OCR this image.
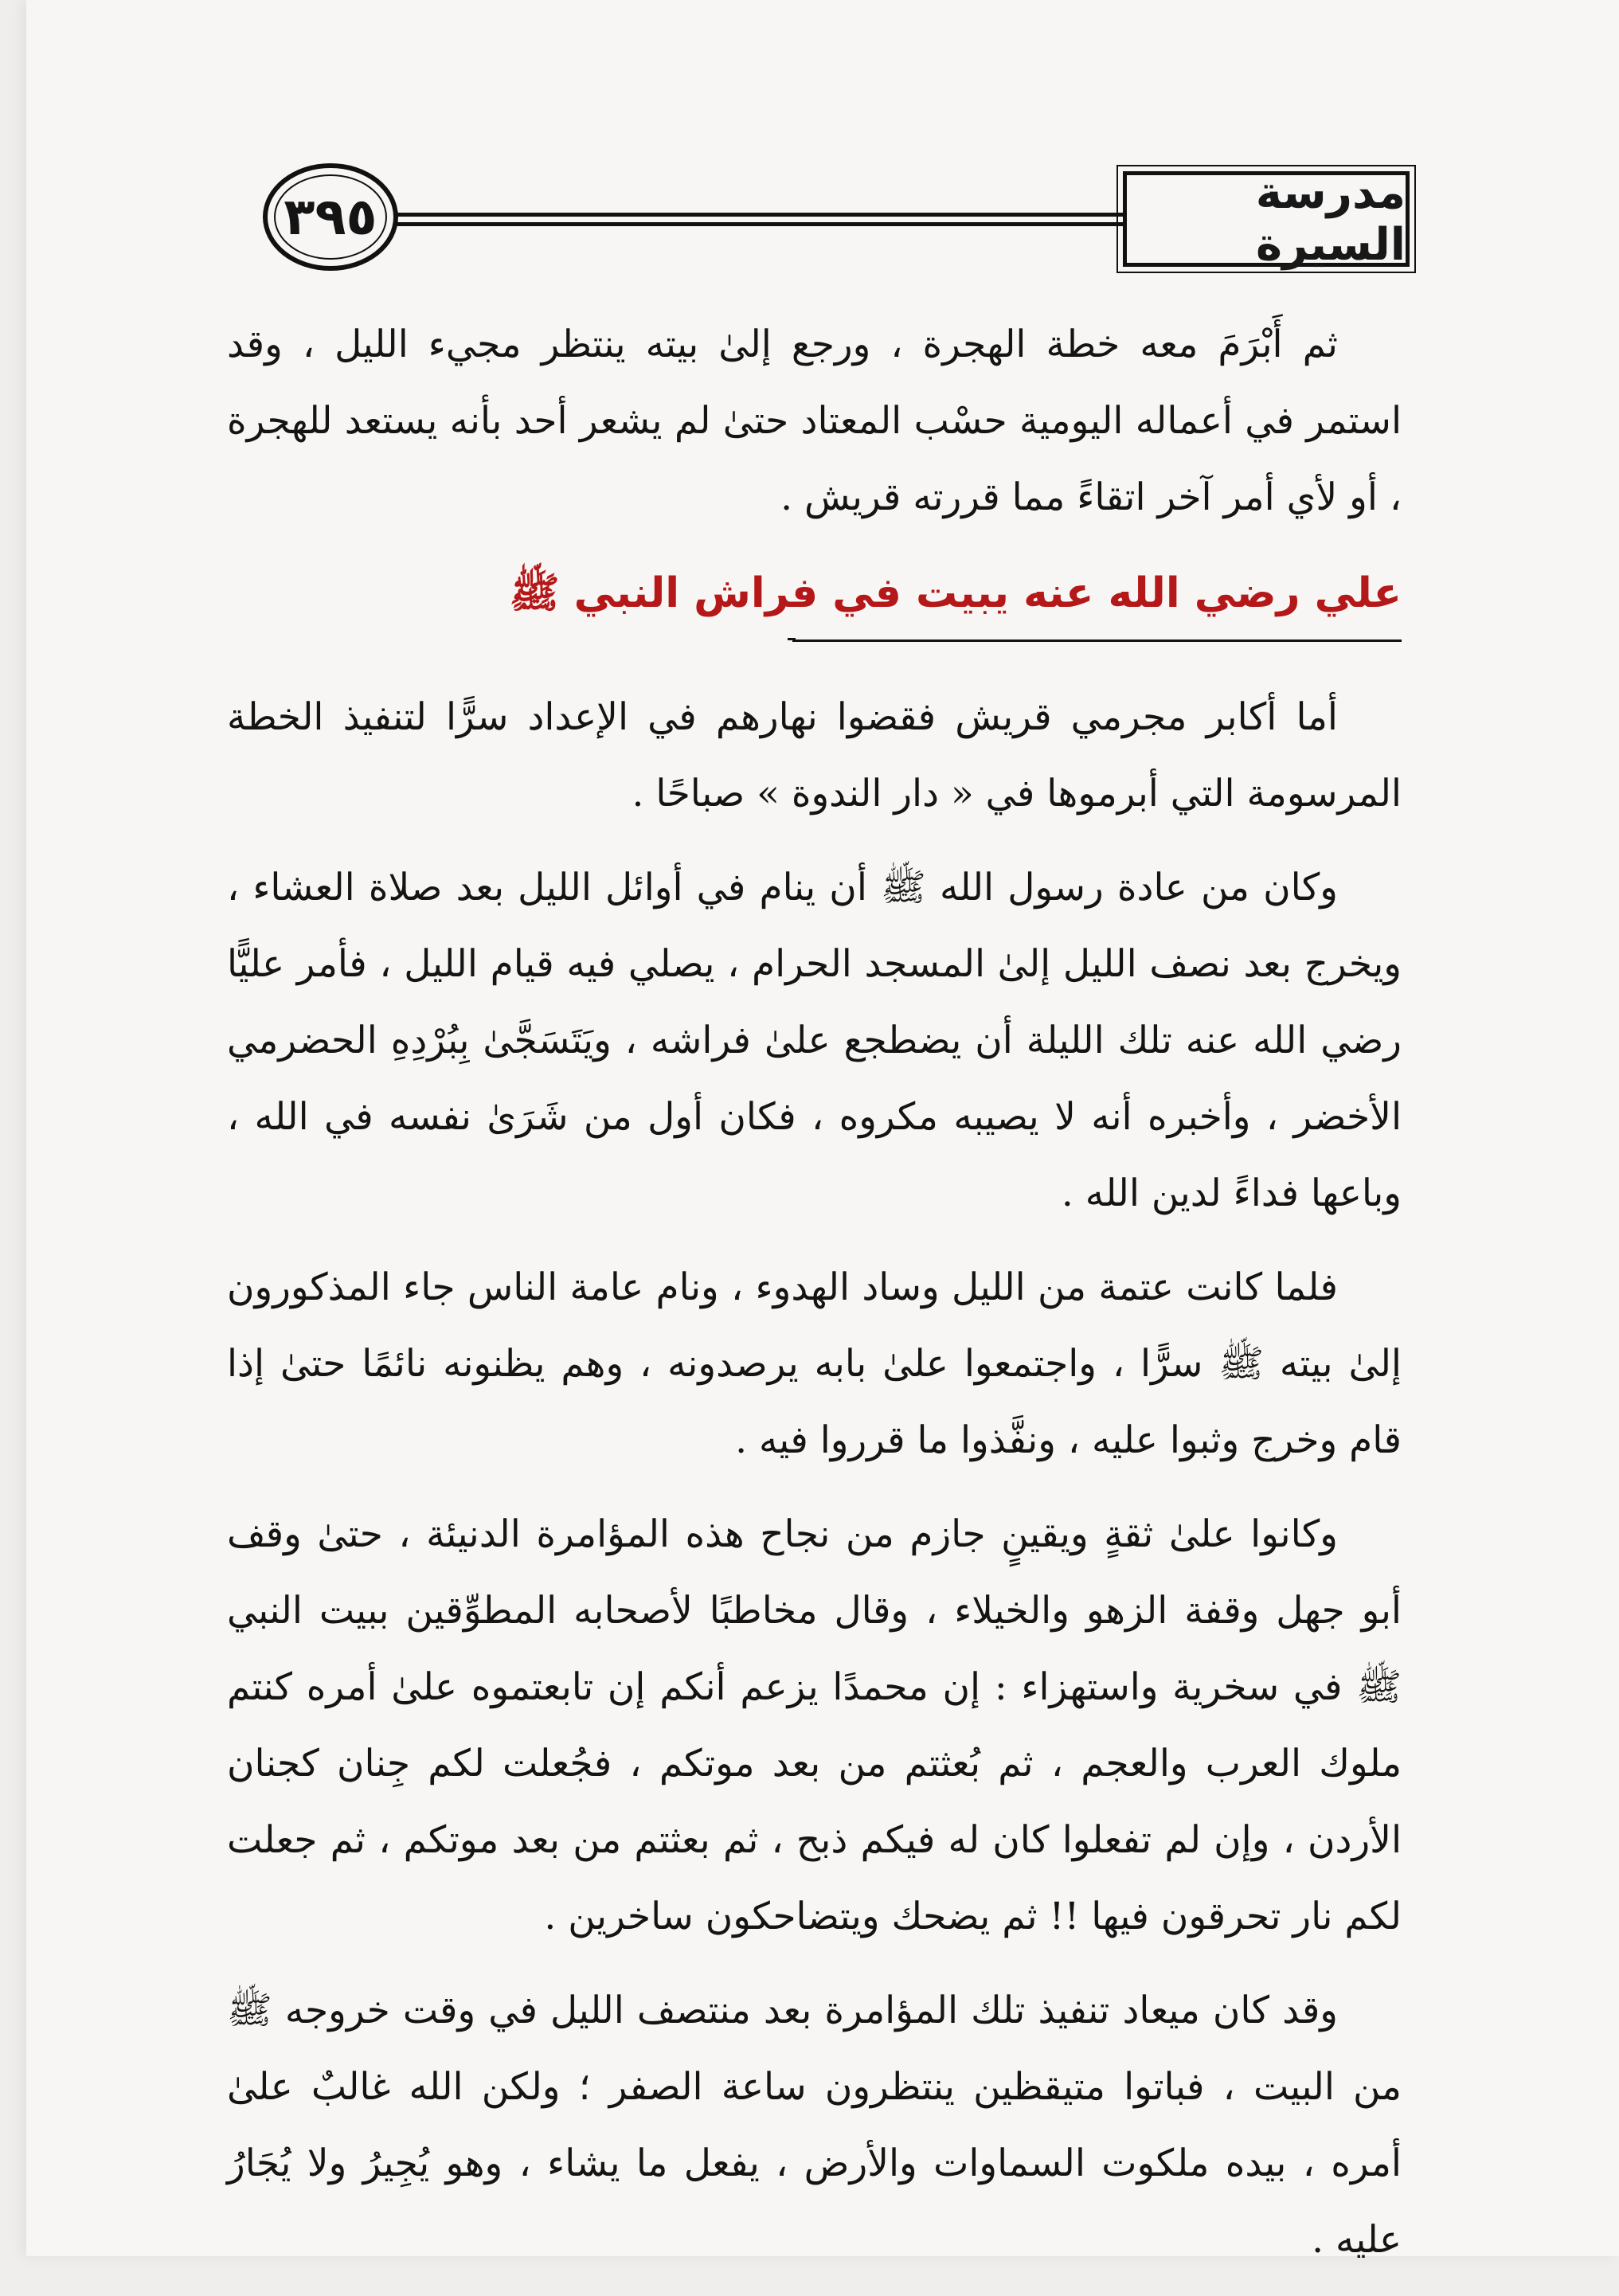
٣٩٥	مدرسة السيرة

ثم أَبْرَمَ معه خطة الهجرة ، ورجع إلىٰ بيته ينتظر مجيء الليل ، وقد استمر في أعماله اليومية حسْب المعتاد حتىٰ لم يشعر أحد بأنه يستعد للهجرة ، أو لأي أمر آخر اتقاءً مما قررته قريش .

علي رضي الله عنه يبيت في فراش النبي ﷺ

أما أكابر مجرمي قريش فقضوا نهارهم في الإعداد سرًّا لتنفيذ الخطة المرسومة التي أبرموها في « دار الندوة » صباحًا .

وكان من عادة رسول الله ﷺ أن ينام في أوائل الليل بعد صلاة العشاء ، ويخرج بعد نصف الليل إلىٰ المسجد الحرام ، يصلي فيه قيام الليل ، فأمر عليًّا رضي الله عنه تلك الليلة أن يضطجع علىٰ فراشه ، ويَتَسَجَّىٰ بِبُرْدِهِ الحضرمي الأخضر ، وأخبره أنه لا يصيبه مكروه ، فكان أول من شَرَىٰ نفسه في الله ، وباعها فداءً لدين الله .

فلما كانت عتمة من الليل وساد الهدوء ، ونام عامة الناس جاء المذكورون إلىٰ بيته ﷺ سرًّا ، واجتمعوا علىٰ بابه يرصدونه ، وهم يظنونه نائمًا حتىٰ إذا قام وخرج وثبوا عليه ، ونفَّذوا ما قرروا فيه .

وكانوا علىٰ ثقةٍ ويقينٍ جازم من نجاح هذه المؤامرة الدنيئة ، حتىٰ وقف أبو جهل وقفة الزهو والخيلاء ، وقال مخاطبًا لأصحابه المطوِّقين ببيت النبي ﷺ في سخرية واستهزاء : إن محمدًا يزعم أنكم إن تابعتموه علىٰ أمره كنتم ملوك العرب والعجم ، ثم بُعثتم من بعد موتكم ، فجُعلت لكم جِنان كجنان الأردن ، وإن لم تفعلوا كان له فيكم ذبح ، ثم بعثتم من بعد موتكم ، ثم جعلت لكم نار تحرقون فيها !! ثم يضحك ويتضاحكون ساخرين .

وقد كان ميعاد تنفيذ تلك المؤامرة بعد منتصف الليل في وقت خروجه ﷺ من البيت ، فباتوا متيقظين ينتظرون ساعة الصفر ؛ ولكن الله غالبٌ علىٰ أمره ، بيده ملكوت السماوات والأرض ، يفعل ما يشاء ، وهو يُجِيرُ ولا يُجَارُ عليه .
